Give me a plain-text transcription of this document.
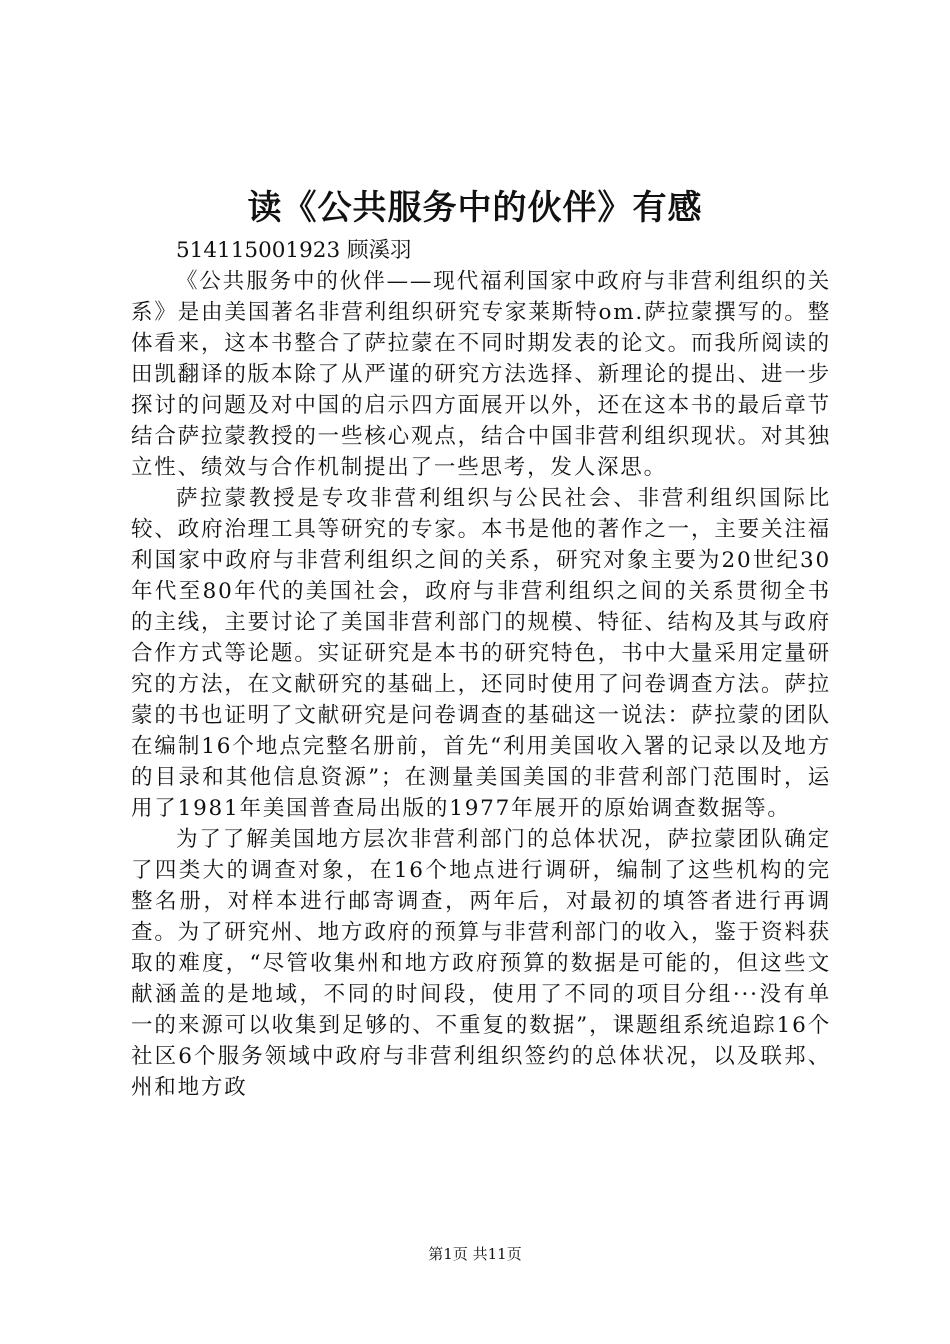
读《公共服务中的伙伴》有感

514115001923 顾溪羽

《公共服务中的伙伴——现代福利国家中政府与非营利组织的关系》是由美国著名非营利组织研究专家莱斯特om.萨拉蒙撰写的。整体看来，这本书整合了萨拉蒙在不同时期发表的论文。而我所阅读的田凯翻译的版本除了从严谨的研究方法选择、新理论的提出、进一步探讨的问题及对中国的启示四方面展开以外，还在这本书的最后章节结合萨拉蒙教授的一些核心观点，结合中国非营利组织现状。对其独立性、绩效与合作机制提出了一些思考，发人深思。

萨拉蒙教授是专攻非营利组织与公民社会、非营利组织国际比较、政府治理工具等研究的专家。本书是他的著作之一，主要关注福利国家中政府与非营利组织之间的关系，研究对象主要为20世纪30年代至80年代的美国社会，政府与非营利组织之间的关系贯彻全书的主线，主要讨论了美国非营利部门的规模、特征、结构及其与政府合作方式等论题。实证研究是本书的研究特色，书中大量采用定量研究的方法，在文献研究的基础上，还同时使用了问卷调查方法。萨拉蒙的书也证明了文献研究是问卷调查的基础这一说法：萨拉蒙的团队在编制16个地点完整名册前，首先“利用美国收入署的记录以及地方的目录和其他信息资源”；在测量美国美国的非营利部门范围时，运用了1981年美国普查局出版的1977年展开的原始调查数据等。

为了了解美国地方层次非营利部门的总体状况，萨拉蒙团队确定了四类大的调查对象，在16个地点进行调研，编制了这些机构的完整名册，对样本进行邮寄调查，两年后，对最初的填答者进行再调查。为了研究州、地方政府的预算与非营利部门的收入，鉴于资料获取的难度，“尽管收集州和地方政府预算的数据是可能的，但这些文献涵盖的是地域，不同的时间段，使用了不同的项目分组···没有单一的来源可以收集到足够的、不重复的数据”，课题组系统追踪16个社区6个服务领域中政府与非营利组织签约的总体状况，以及联邦、州和地方政

第1页 共11页
